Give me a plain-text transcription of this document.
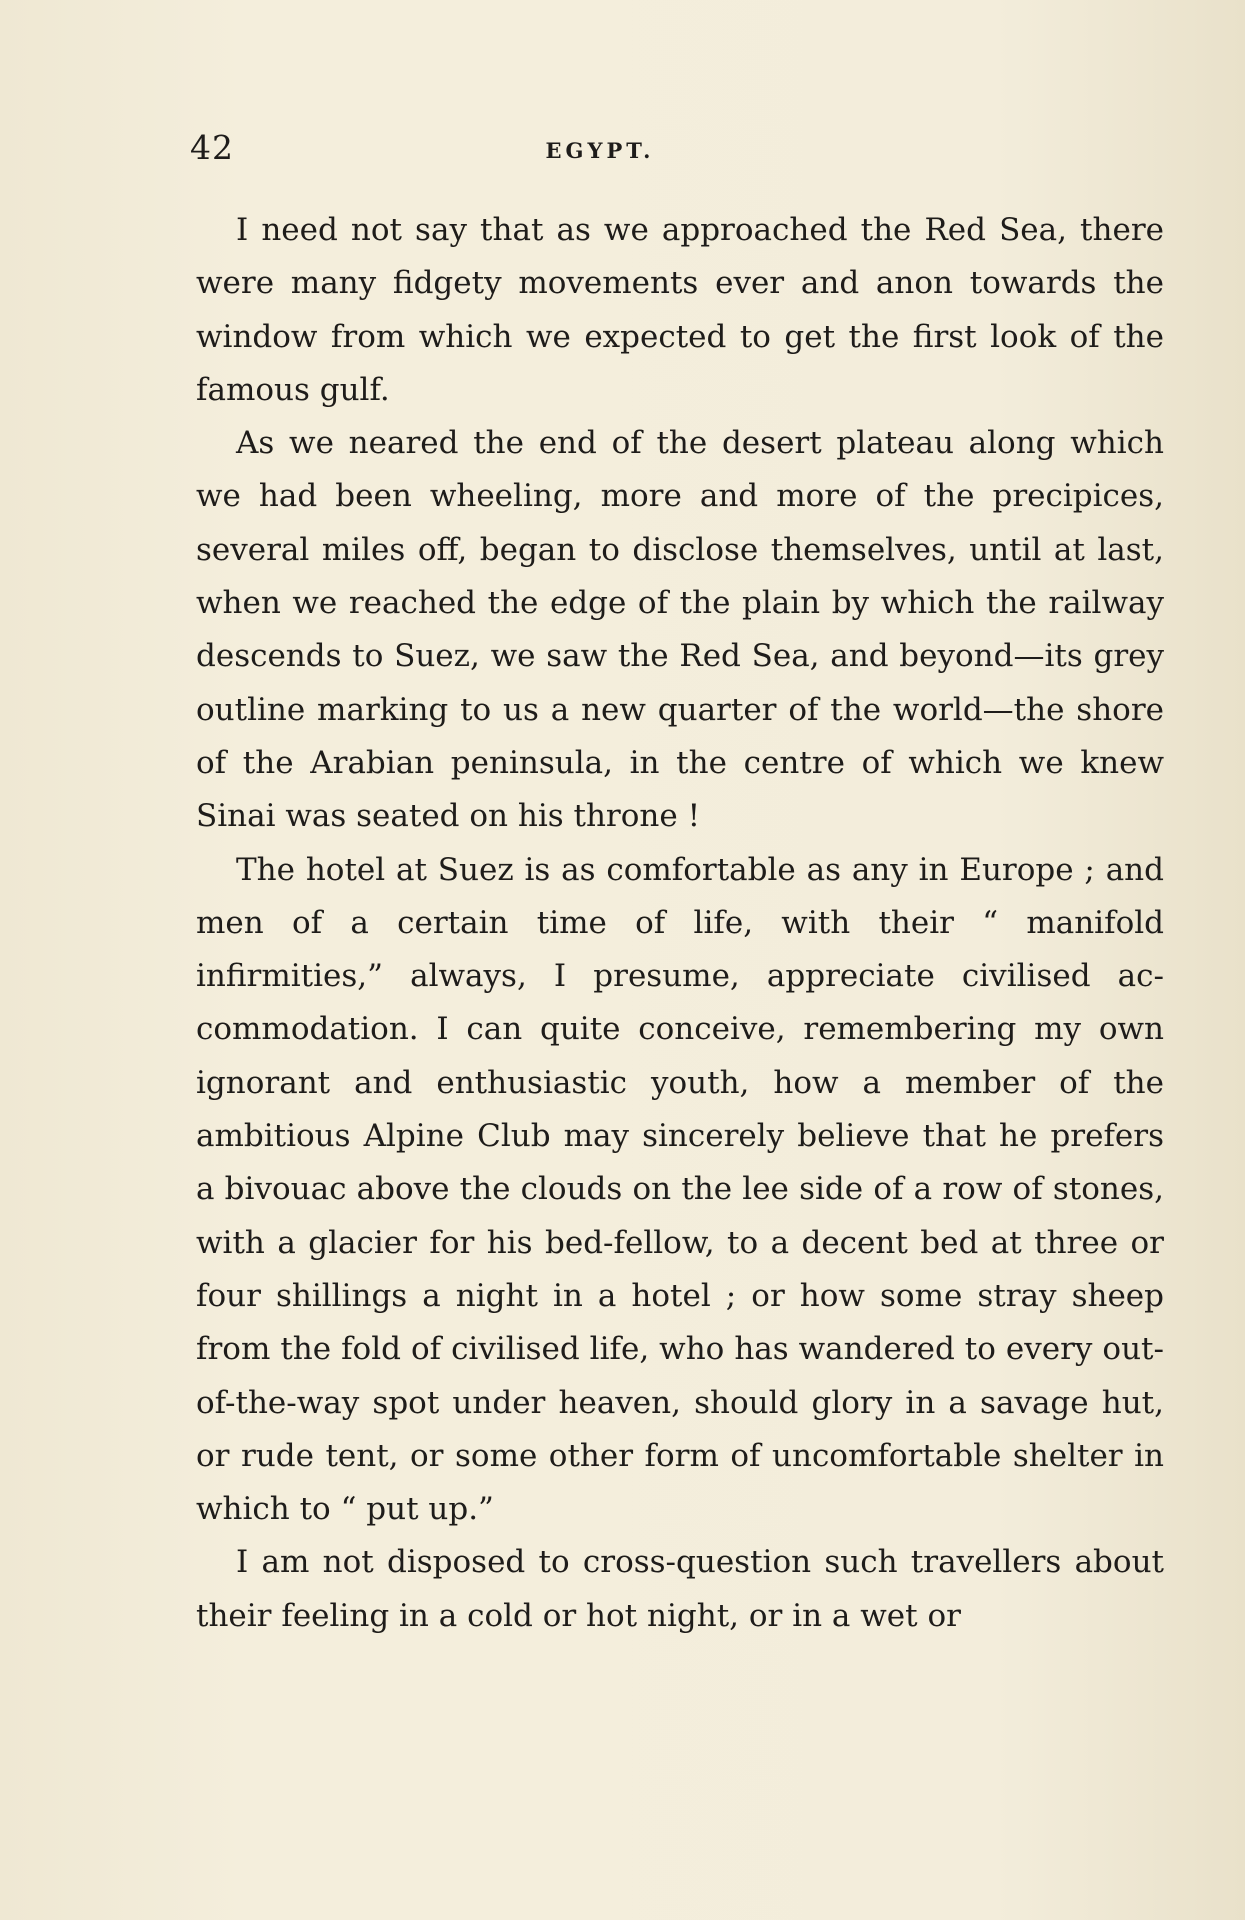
42	EGYPT.

I need not say that as we approached the Red Sea, there were many fidgety movements ever and anon towards the window from which we expected to get the first look of the famous gulf.

As we neared the end of the desert plateau along which we had been wheeling, more and more of the precipices, several miles off, began to disclose themselves, until at last, when we reached the edge of the plain by which the railway descends to Suez, we saw the Red Sea, and beyond—its grey outline marking to us a new quarter of the world—the shore of the Arabian peninsula, in the centre of which we knew Sinai was seated on his throne !

The hotel at Suez is as comfortable as any in Europe ; and men of a certain time of life, with their “ manifold infirmities,” always, I presume, appreciate civilised accommodation. I can quite conceive, remembering my own ignorant and enthusiastic youth, how a member of the ambitious Alpine Club may sincerely believe that he prefers a bivouac above the clouds on the lee side of a row of stones, with a glacier for his bed-fellow, to a decent bed at three or four shillings a night in a hotel ; or how some stray sheep from the fold of civilised life, who has wandered to every out-of-the-way spot under heaven, should glory in a savage hut, or rude tent, or some other form of uncomfortable shelter in which to “ put up.”

I am not disposed to cross-question such travellers about their feeling in a cold or hot night, or in a wet or
